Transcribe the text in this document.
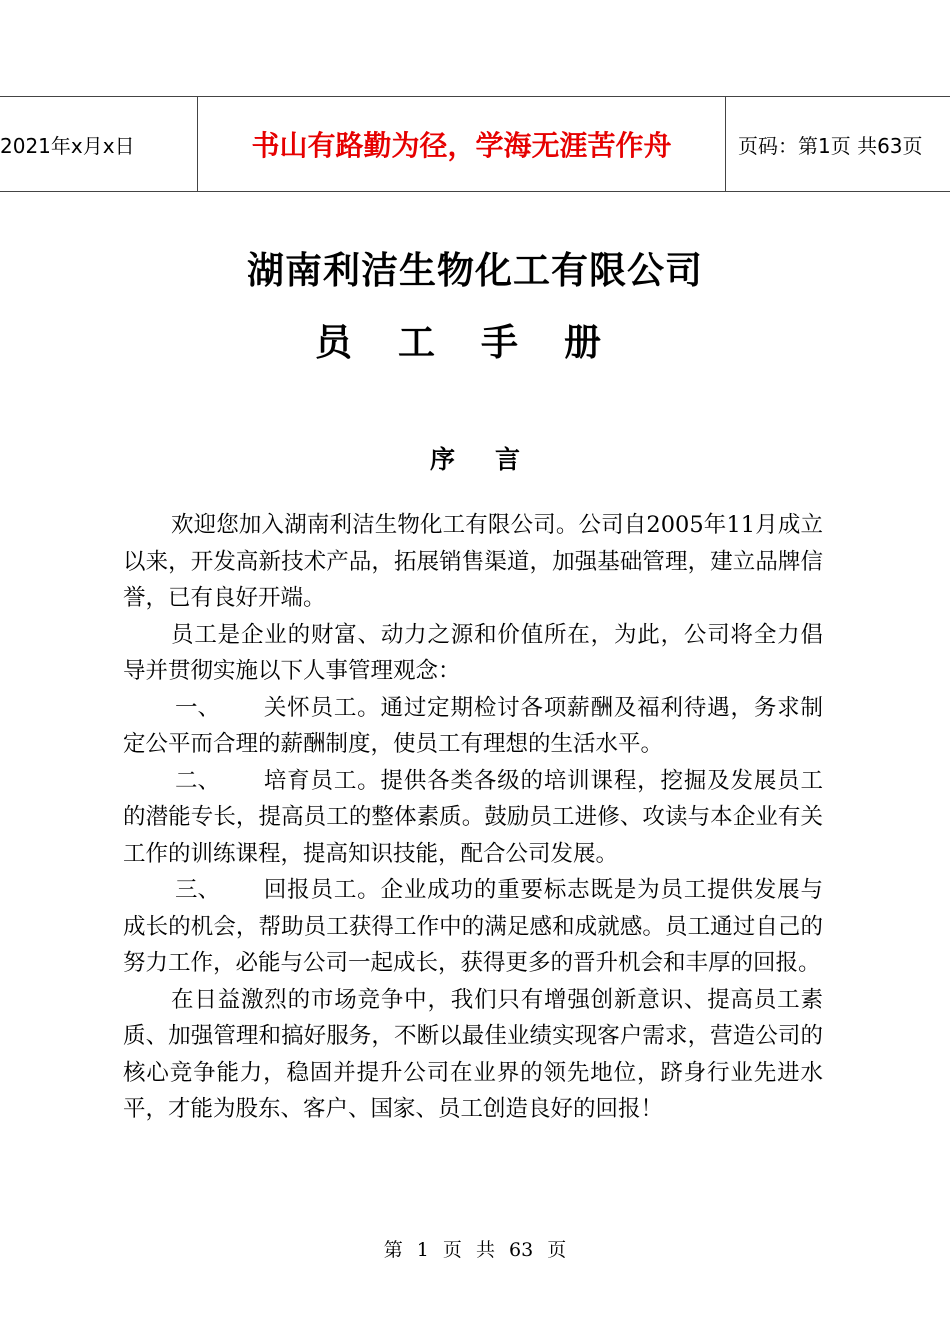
2021年x月x日	书山有路勤为径，学海无涯苦作舟	页码：第1页 共63页
湖南利洁生物化工有限公司
员工手册
序言

欢迎您加入湖南利洁生物化工有限公司。公司自2005年11月成立以来，开发高新技术产品，拓展销售渠道，加强基础管理，建立品牌信誉，已有良好开端。

员工是企业的财富、动力之源和价值所在，为此，公司将全力倡导并贯彻实施以下人事管理观念：

一、 关怀员工。通过定期检讨各项薪酬及福利待遇，务求制定公平而合理的薪酬制度，使员工有理想的生活水平。

二、 培育员工。提供各类各级的培训课程，挖掘及发展员工的潜能专长，提高员工的整体素质。鼓励员工进修、攻读与本企业有关工作的训练课程，提高知识技能，配合公司发展。

三、 回报员工。企业成功的重要标志既是为员工提供发展与成长的机会，帮助员工获得工作中的满足感和成就感。员工通过自己的努力工作，必能与公司一起成长，获得更多的晋升机会和丰厚的回报。

在日益激烈的市场竞争中，我们只有增强创新意识、提高员工素质、加强管理和搞好服务，不断以最佳业绩实现客户需求，营造公司的核心竞争能力，稳固并提升公司在业界的领先地位，跻身行业先进水平，才能为股东、客户、国家、员工创造良好的回报！

第 1 页 共 63 页
